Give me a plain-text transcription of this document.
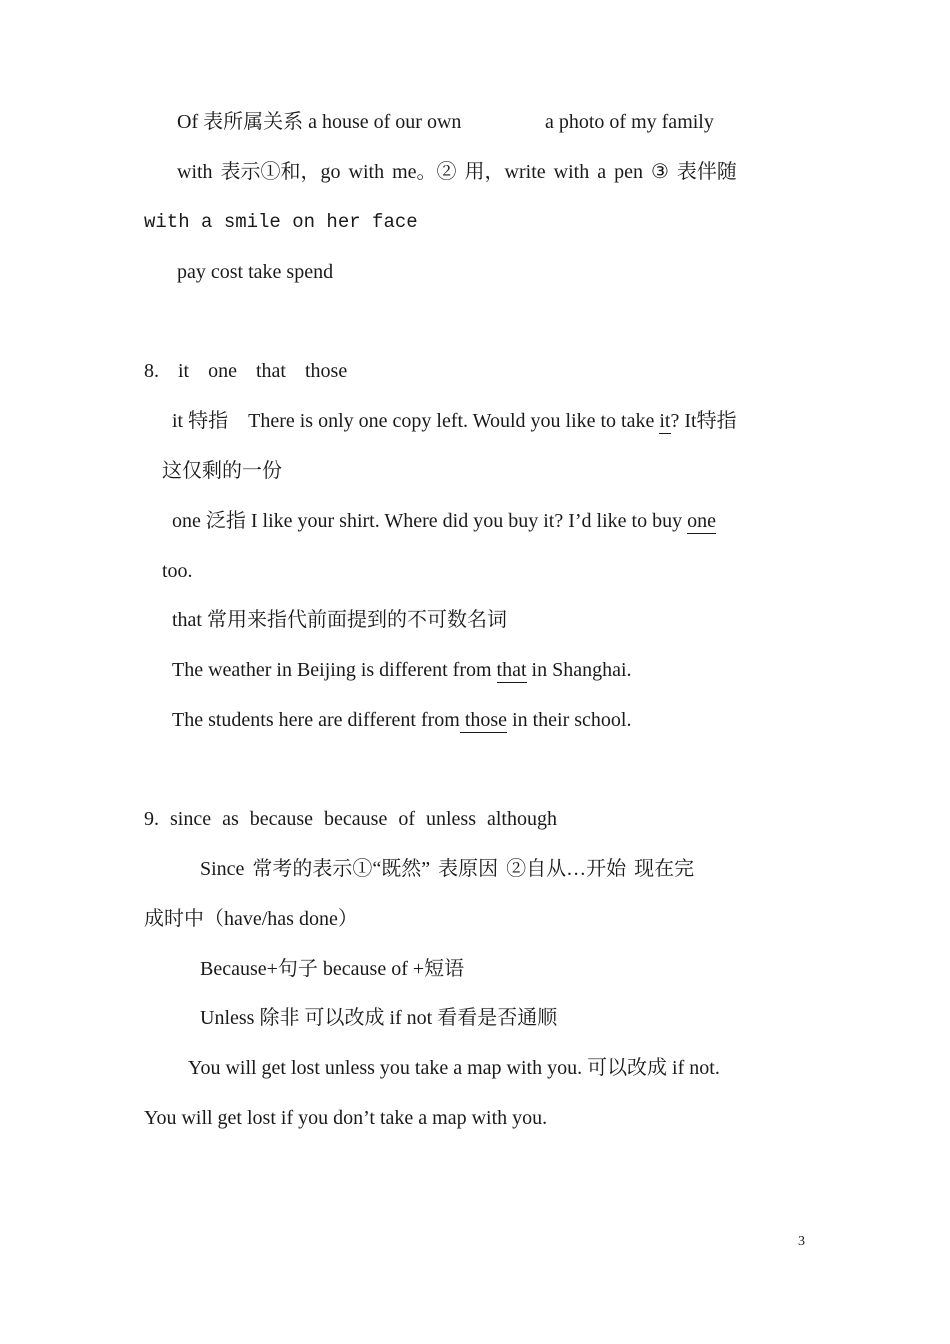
Of 表所属关系 a house of our own	a photo of my family
with 表示①和，go with me。② 用，write with a pen ③ 表伴随
with a smile on her face
pay cost take spend
8. it one that those
it 特指　There is only one copy left. Would you like to take it? It特指
这仅剩的一份
one 泛指 I like your shirt. Where did you buy it? I’d like to buy one
too.
that 常用来指代前面提到的不可数名词
The weather in Beijing is different from that in Shanghai.
The students here are different from those in their school.
9. since as because because of unless although
Since 常考的表示①“既然” 表原因 ②自从…开始 现在完
成时中（have/has done）
Because+句子 because of +短语
Unless 除非 可以改成 if not 看看是否通顺
You will get lost unless you take a map with you. 可以改成 if not.
You will get lost if you don’t take a map with you.
3
